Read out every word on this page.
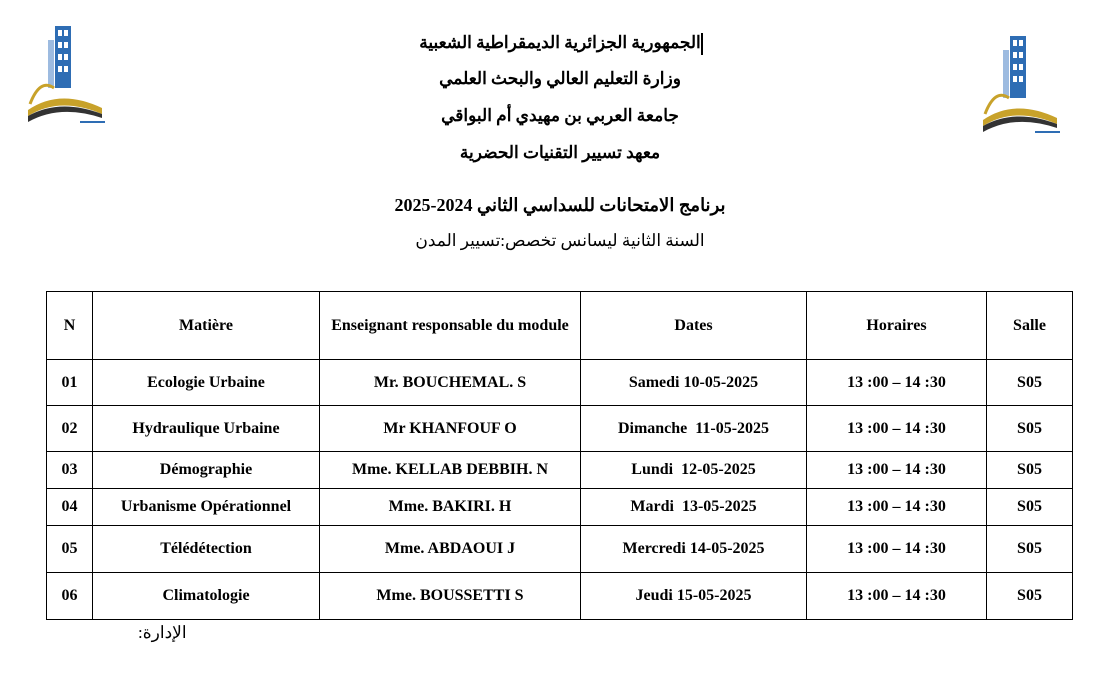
الجمهورية الجزائرية الديمقراطية الشعبية
وزارة التعليم العالي والبحث العلمي
جامعة العربي بن مهيدي أم البواقي
معهد تسيير التقنيات الحضرية
برنامج الامتحانات للسداسي الثاني 2024-2025
السنة الثانية ليسانس تخصص:تسيير المدن
N	Matière	Enseignant responsable du module	Dates	Horaires	Salle
01	Ecologie Urbaine	Mr. BOUCHEMAL. S	Samedi 10-05-2025	13 :00 – 14 :30	S05
02	Hydraulique Urbaine	Mr KHANFOUF O	Dimanche  11-05-2025	13 :00 – 14 :30	S05
03	Démographie	Mme. KELLAB DEBBIH. N	Lundi  12-05-2025	13 :00 – 14 :30	S05
04	Urbanisme Opérationnel	Mme. BAKIRI. H	Mardi  13-05-2025	13 :00 – 14 :30	S05
05	Télédétection	Mme. ABDAOUI J	Mercredi 14-05-2025	13 :00 – 14 :30	S05
06	Climatologie	Mme. BOUSSETTI S	Jeudi 15-05-2025	13 :00 – 14 :30	S05
الإدارة:
